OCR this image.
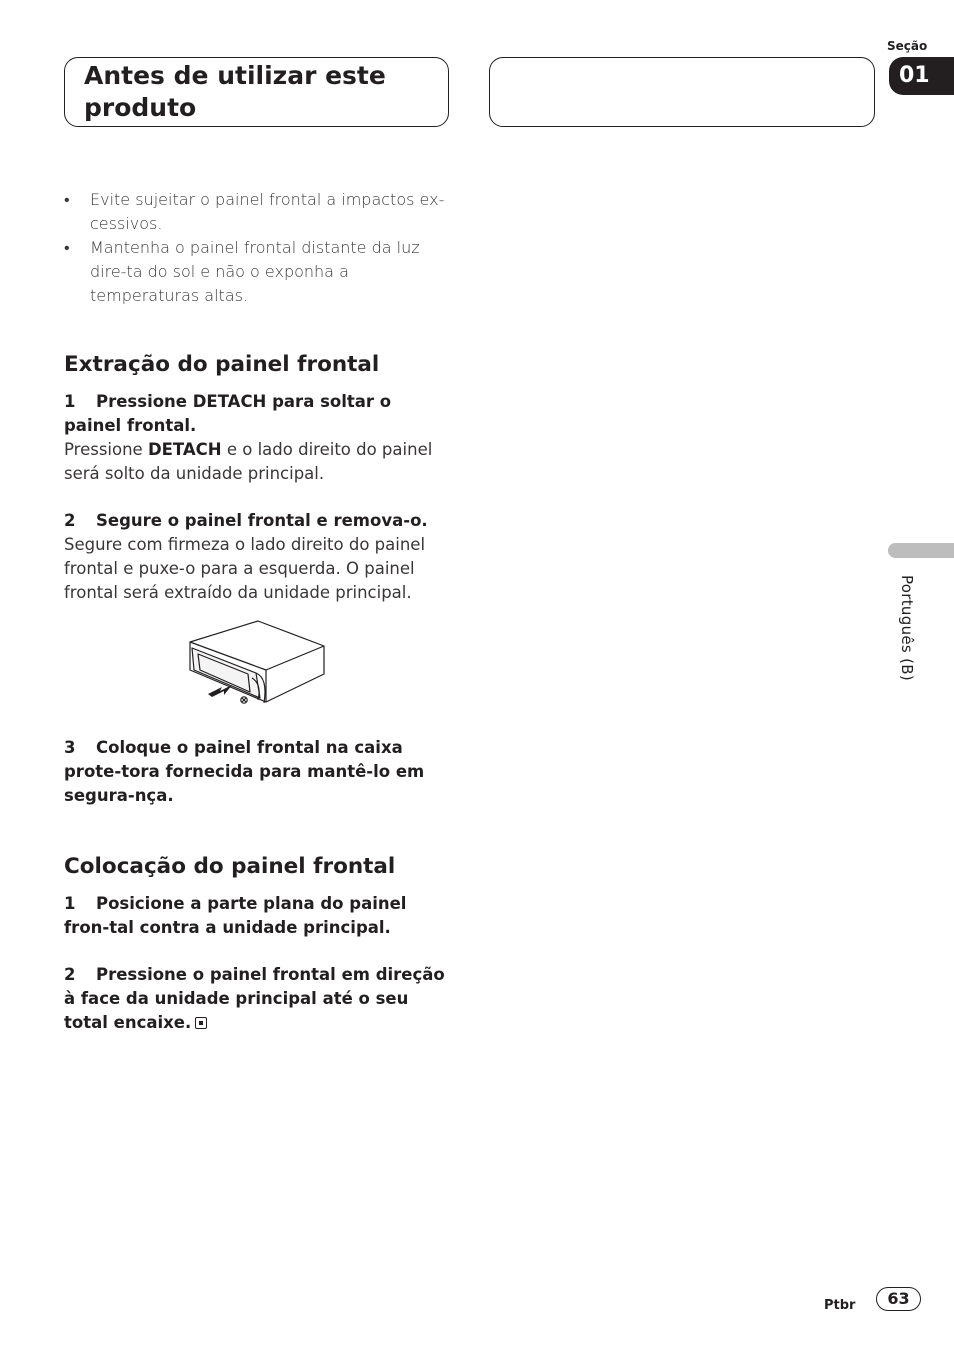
Antes de utilizar este produto
Seção
01
Português (B)
• Evite sujeitar o painel frontal a impactos ex-cessivos.
• Mantenha o painel frontal distante da luz dire-ta do sol e não o exponha a temperaturas altas.
Extração do painel frontal
1 Pressione DETACH para soltar o painel frontal.
Pressione DETACH e o lado direito do painel será solto da unidade principal.
2 Segure o painel frontal e remova-o.
Segure com firmeza o lado direito do painel frontal e puxe-o para a esquerda. O painel frontal será extraído da unidade principal.
3 Coloque o painel frontal na caixa prote-tora fornecida para mantê-lo em segura-nça.
Colocação do painel frontal
1 Posicione a parte plana do painel fron-tal contra a unidade principal.
2 Pressione o painel frontal em direção à face da unidade principal até o seu total encaixe.
Ptbr	63
